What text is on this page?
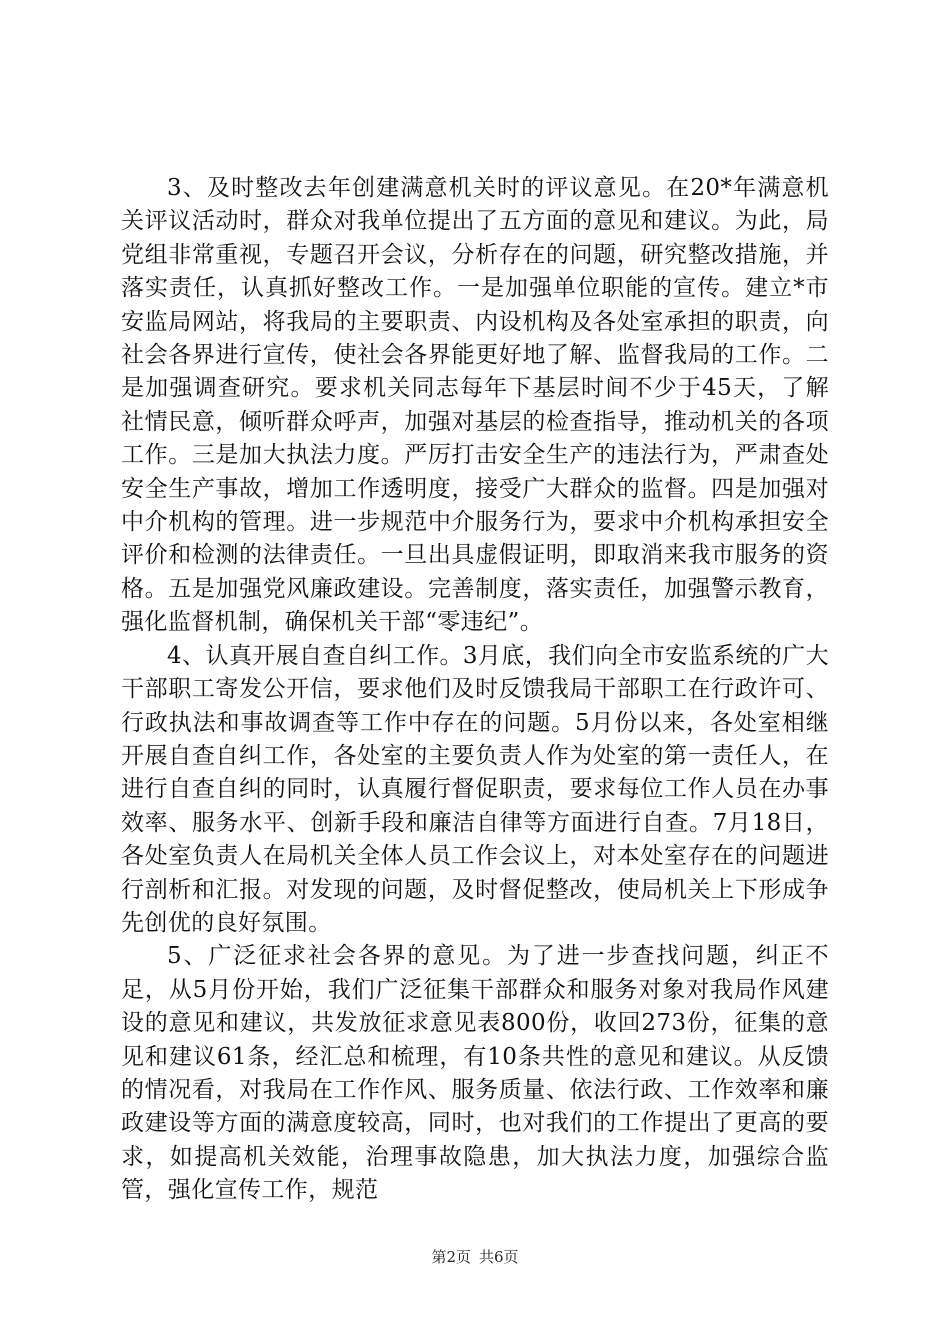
3、及时整改去年创建满意机关时的评议意见。在20*年满意机关评议活动时，群众对我单位提出了五方面的意见和建议。为此，局党组非常重视，专题召开会议，分析存在的问题，研究整改措施，并落实责任，认真抓好整改工作。一是加强单位职能的宣传。建立*市安监局网站，将我局的主要职责、内设机构及各处室承担的职责，向社会各界进行宣传，使社会各界能更好地了解、监督我局的工作。二是加强调查研究。要求机关同志每年下基层时间不少于45天，了解社情民意，倾听群众呼声，加强对基层的检查指导，推动机关的各项工作。三是加大执法力度。严厉打击安全生产的违法行为，严肃查处安全生产事故，增加工作透明度，接受广大群众的监督。四是加强对中介机构的管理。进一步规范中介服务行为，要求中介机构承担安全评价和检测的法律责任。一旦出具虚假证明，即取消来我市服务的资格。五是加强党风廉政建设。完善制度，落实责任，加强警示教育，强化监督机制，确保机关干部“零违纪”。

4、认真开展自查自纠工作。3月底，我们向全市安监系统的广大干部职工寄发公开信，要求他们及时反馈我局干部职工在行政许可、行政执法和事故调查等工作中存在的问题。5月份以来，各处室相继开展自查自纠工作，各处室的主要负责人作为处室的第一责任人，在进行自查自纠的同时，认真履行督促职责，要求每位工作人员在办事效率、服务水平、创新手段和廉洁自律等方面进行自查。7月18日，各处室负责人在局机关全体人员工作会议上，对本处室存在的问题进行剖析和汇报。对发现的问题，及时督促整改，使局机关上下形成争先创优的良好氛围。

5、广泛征求社会各界的意见。为了进一步查找问题，纠正不足，从5月份开始，我们广泛征集干部群众和服务对象对我局作风建设的意见和建议，共发放征求意见表800份，收回273份，征集的意见和建议61条，经汇总和梳理，有10条共性的意见和建议。从反馈的情况看，对我局在工作作风、服务质量、依法行政、工作效率和廉政建设等方面的满意度较高，同时，也对我们的工作提出了更高的要求，如提高机关效能，治理事故隐患，加大执法力度，加强综合监管，强化宣传工作，规范

第2页 共6页
